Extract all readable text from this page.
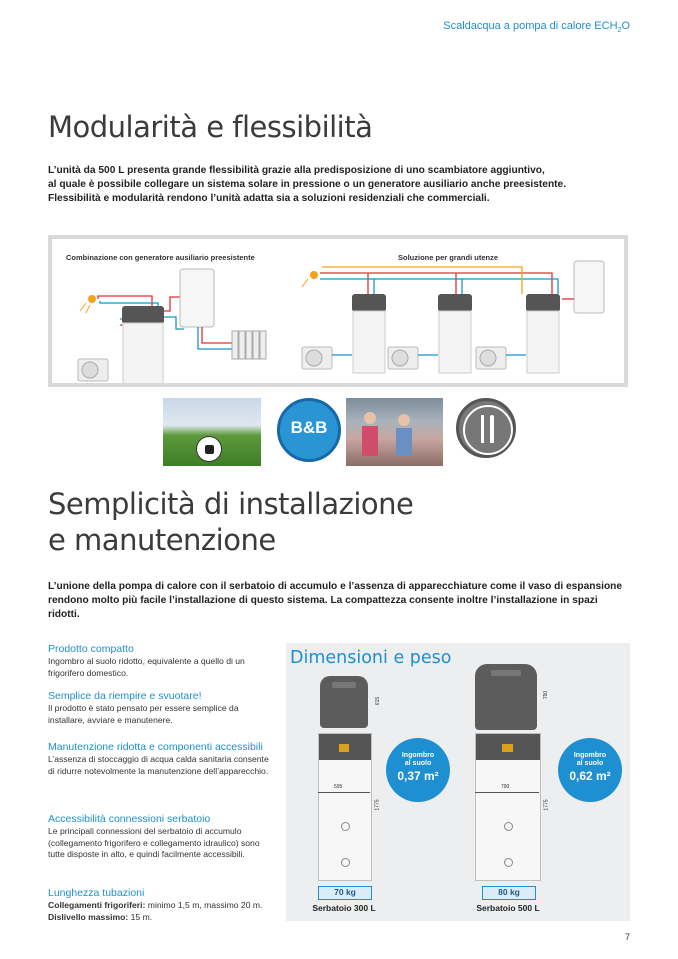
Scaldacqua a pompa di calore $ECH_2O$
Modularità e flessibilità
L’unità da 500 L presenta grande flessibilità grazie alla predisposizione di uno scambiatore aggiuntivo,
al quale è possibile collegare un sistema solare in pressione o un generatore ausiliario anche preesistente.
Flessibilità e modularità rendono l’unità adatta sia a soluzioni residenziali che commerciali.
Combinazione con generatore ausiliario preesistente	Soluzione per grandi utenze
B&B
Semplicità di installazione
e manutenzione
L’unione della pompa di calore con il serbatoio di accumulo e l’assenza di apparecchiature come il vaso di espansione
rendono molto più facile l’installazione di questo sistema. La compattezza consente inoltre l’installazione in spazi
ridotti.
Prodotto compatto
Ingombro al suolo ridotto, equivalente a quello di un frigorifero domestico.
Semplice da riempire e svuotare!
Il prodotto è stato pensato per essere semplice da installare, avviare e manutenere.
Manutenzione ridotta e componenti accessibili
L’assenza di stoccaggio di acqua calda sanitaria consente di ridurre notevolmente la manutenzione dell’apparecchio.
Accessibilità connessioni serbatoio
Le principali connessioni del serbatoio di accumulo (collegamento frigorifero e collegamento idraulico) sono tutte disposte in alto, e quindi facilmente accessibili.
Lunghezza tubazioni
Collegamenti frigoriferi: minimo 1,5 m, massimo 20 m.
Dislivello massimo: 15 m.
Dimensioni e peso
615
595
1775
Ingombro
al suolo
0,37 m²
70 kg
Serbatoio 300 L
790
790
1775
Ingombro
al suolo
0,62 m²
80 kg
Serbatoio 500 L
7
